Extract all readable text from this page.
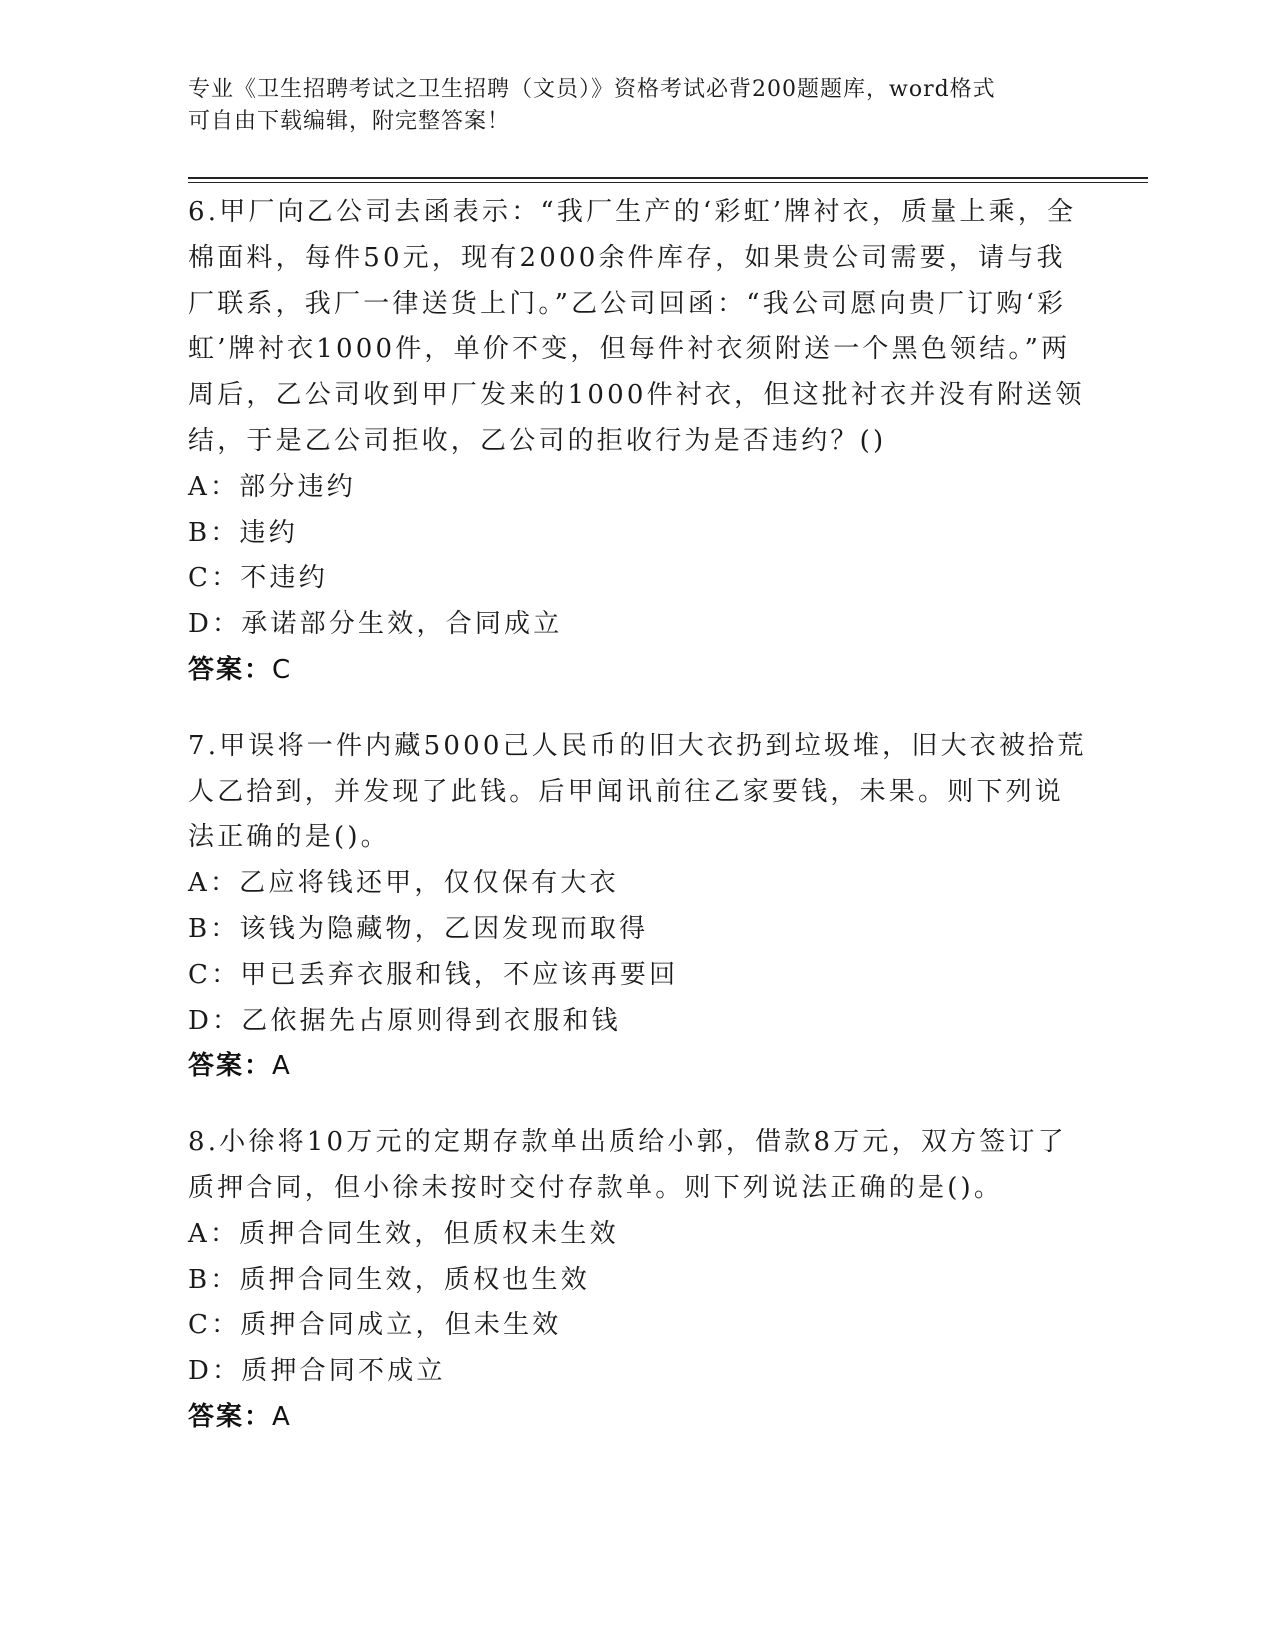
专业《卫生招聘考试之卫生招聘（文员）》资格考试必背200题题库，word格式
可自由下载编辑，附完整答案！

6.甲厂向乙公司去函表示：“我厂生产的‘彩虹’牌衬衣，质量上乘，全棉面料，每件50元，现有2000余件库存，如果贵公司需要，请与我厂联系，我厂一律送货上门。”乙公司回函：“我公司愿向贵厂订购‘彩虹’牌衬衣1000件，单价不变，但每件衬衣须附送一个黑色领结。”两周后，乙公司收到甲厂发来的1000件衬衣，但这批衬衣并没有附送领结，于是乙公司拒收，乙公司的拒收行为是否违约？()

A：部分违约

B：违约

C：不违约

D：承诺部分生效，合同成立

答案：C

7.甲误将一件内藏5000己人民币的旧大衣扔到垃圾堆，旧大衣被拾荒人乙拾到，并发现了此钱。后甲闻讯前往乙家要钱，未果。则下列说法正确的是()。

A：乙应将钱还甲，仅仅保有大衣

B：该钱为隐藏物，乙因发现而取得

C：甲已丢弃衣服和钱，不应该再要回

D：乙依据先占原则得到衣服和钱

答案：A

8.小徐将10万元的定期存款单出质给小郭，借款8万元，双方签订了质押合同，但小徐未按时交付存款单。则下列说法正确的是()。

A：质押合同生效，但质权未生效

B：质押合同生效，质权也生效

C：质押合同成立，但未生效

D：质押合同不成立

答案：A
